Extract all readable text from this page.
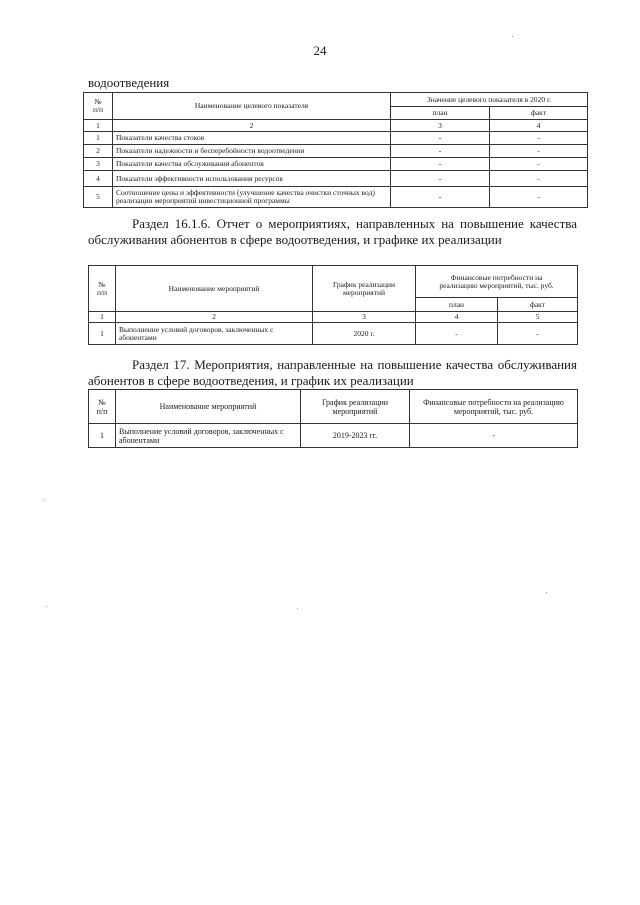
24
водоотведения
№
п/п	Наименование целевого показателя	Значение целевого показателя в 2020 г.	
		план	факт
1	2	3	4
1	Показатели качества стоков	-	-
2	Показатели надежности и бесперебойности водоотведения	-	-
3	Показатели качества обслуживания абонентов	-	-
4	Показатели эффективности использования ресурсов	-	-
5	Соотношение цены и эффективности (улучшение качества очистки сточных вод) реализации мероприятий инвестиционной программы	-	-
Раздел 16.1.6. Отчет о мероприятиях, направленных на повышение качества обслуживания абонентов в сфере водоотведения, и графике их реализации
№
п/п	Наименование мероприятий	График реализации мероприятий	Финансовые потребности на реализацию мероприятий, тыс. руб.	
			план	факт
1	2	3	4	5
1	Выполнение условий договоров, заключенных с абонентами	2020 г.	-	-
Раздел 17. Мероприятия, направленные на повышение качества обслуживания абонентов в сфере водоотведения, и график их реализации
№
п/п	Наименование мероприятий	График реализации мероприятий	Финансовые потребности на реализацию мероприятий, тыс. руб.
1	Выполнение условий договоров, заключенных с абонентами	2019-2023 гг.	-
